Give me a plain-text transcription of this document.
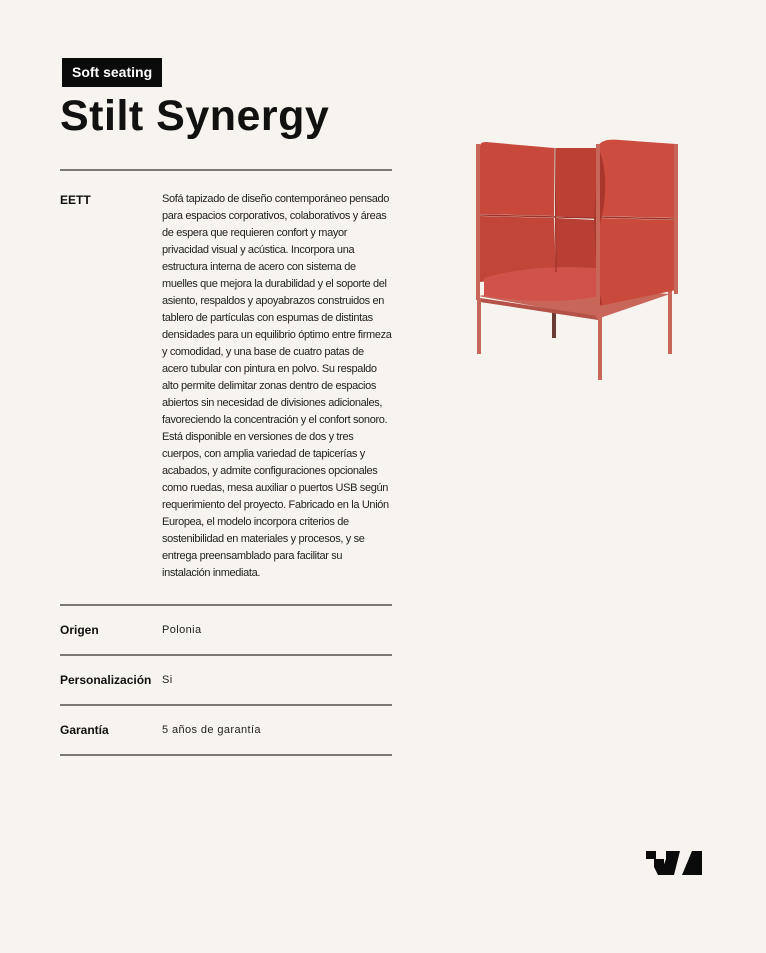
Soft seating
Stilt Synergy
EETT	Sofá tapizado de diseño contemporáneo pensado para espacios corporativos, colaborativos y áreas de espera que requieren confort y mayor privacidad visual y acústica. Incorpora una estructura interna de acero con sistema de muelles que mejora la durabilidad y el soporte del asiento, respaldos y apoyabrazos construidos en tablero de partículas con espumas de distintas densidades para un equilibrio óptimo entre firmeza y comodidad, y una base de cuatro patas de acero tubular con pintura en polvo. Su respaldo alto permite delimitar zonas dentro de espacios abiertos sin necesidad de divisiones adicionales, favoreciendo la concentración y el confort sonoro. Está disponible en versiones de dos y tres cuerpos, con amplia variedad de tapicerías y acabados, y admite configuraciones opcionales como ruedas, mesa auxiliar o puertos USB según requerimiento del proyecto. Fabricado en la Unión Europea, el modelo incorpora criterios de sostenibilidad en materiales y procesos, y se entrega preensamblado para facilitar su instalación inmediata.
Origen	Polonia
Personalización Si
Garantía	5 años de garantía
